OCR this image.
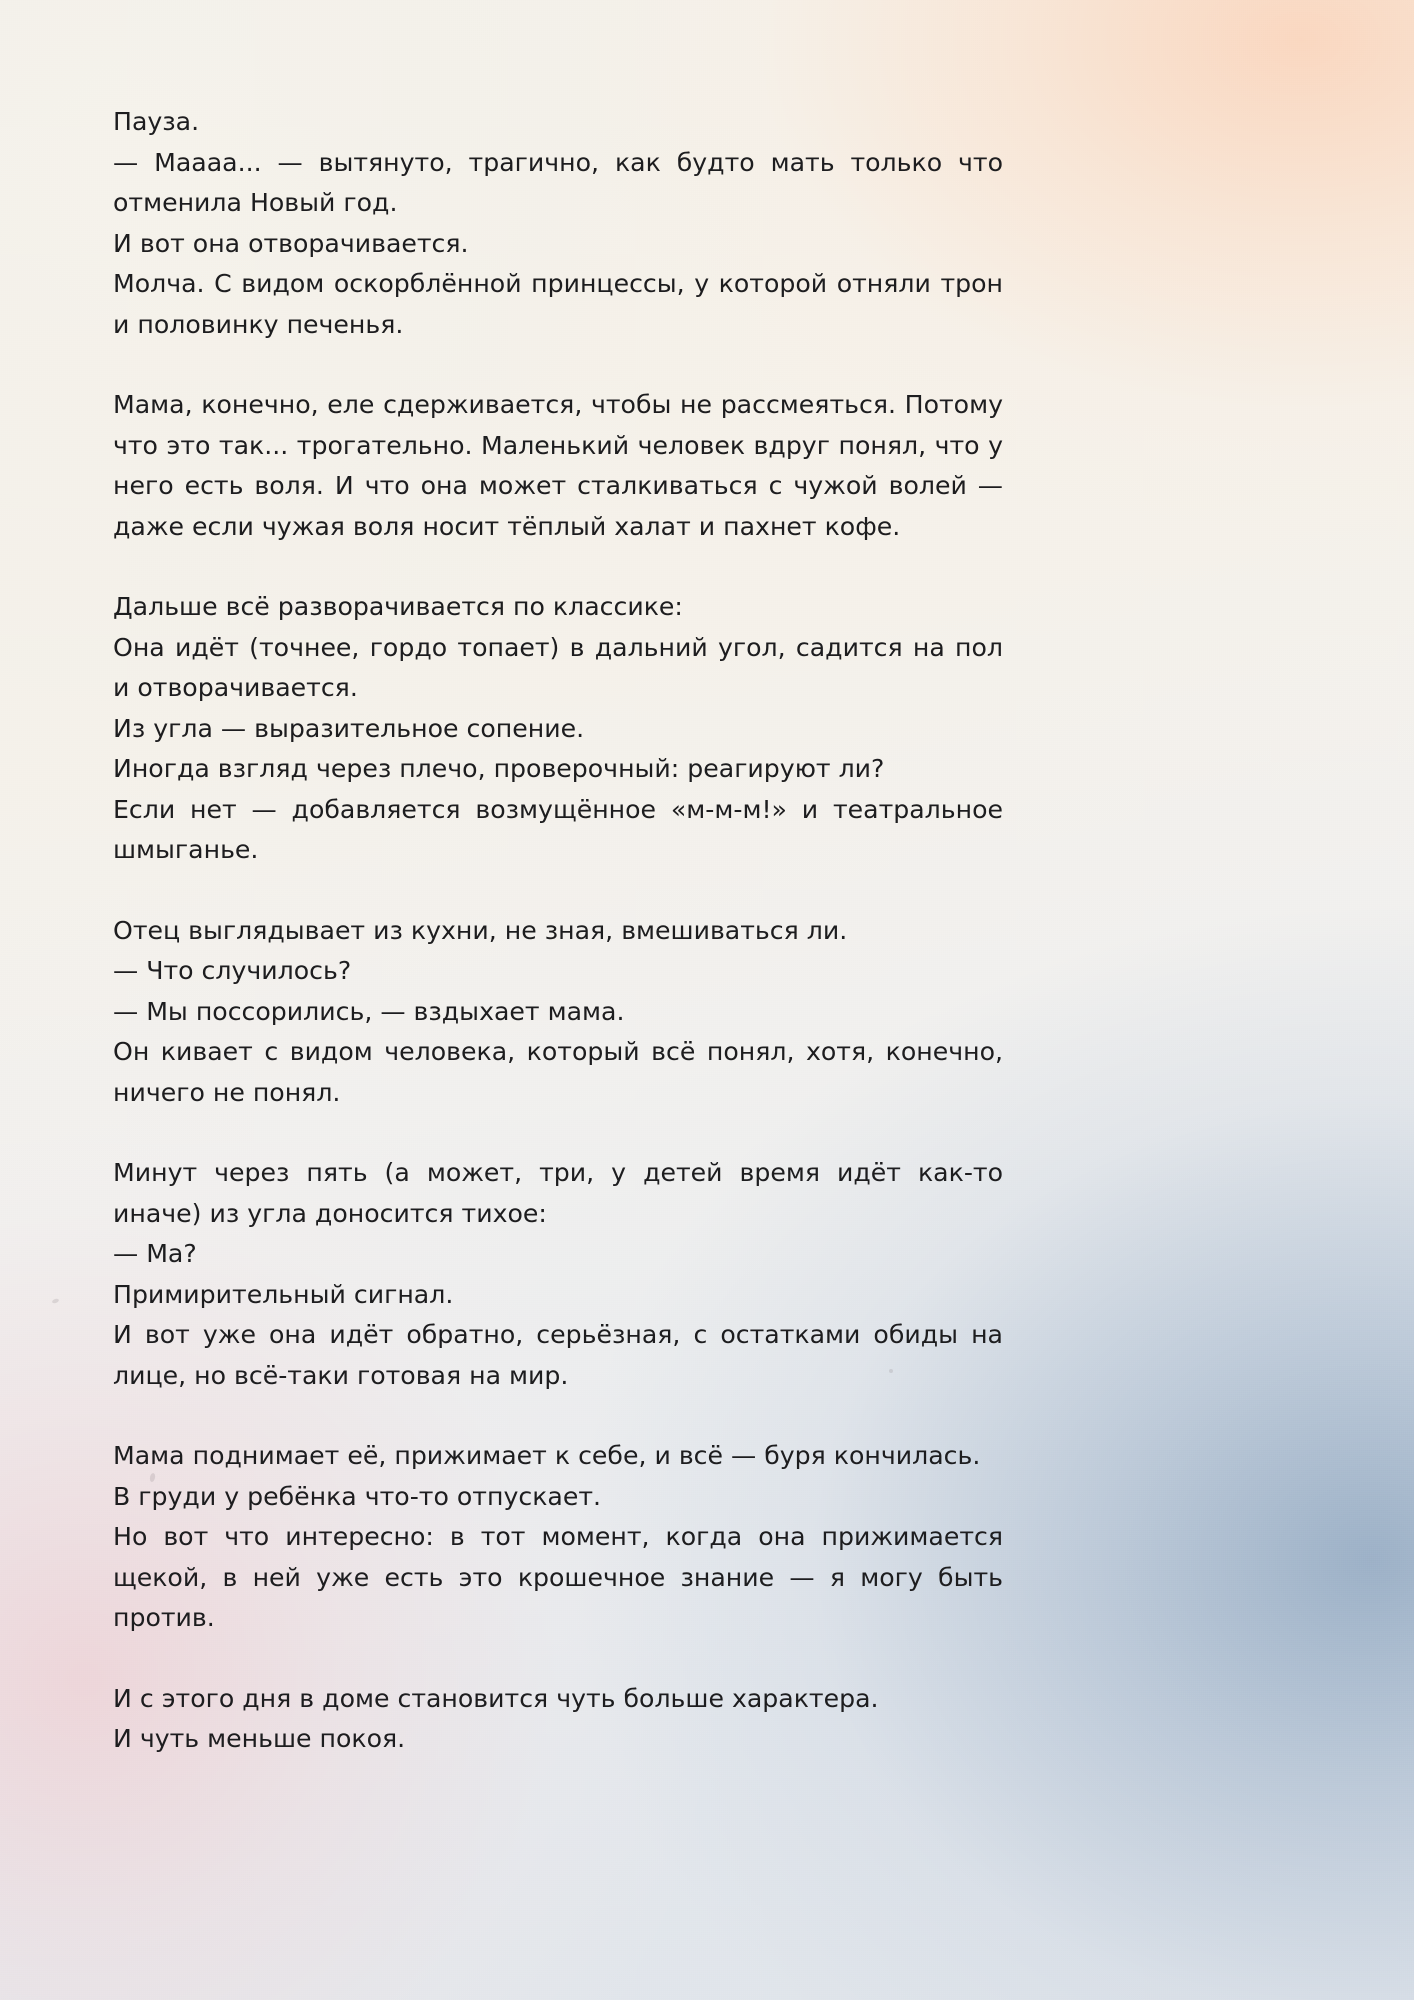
Пауза.
— Мааaa... — вытянуто, трагично, как будто мать только что отменила Новый год.
И вот она отворачивается.
Молча. С видом оскорблённой принцессы, у которой отняли трон и половинку печенья.
Мама, конечно, еле сдерживается, чтобы не рассмеяться. Потому что это так... трогательно. Маленький человек вдруг понял, что у него есть воля. И что она может сталкиваться с чужой волей — даже если чужая воля носит тёплый халат и пахнет кофе.
Дальше всё разворачивается по классике:
Она идёт (точнее, гордо топает) в дальний угол, садится на пол и отворачивается.
Из угла — выразительное сопение.
Иногда взгляд через плечо, проверочный: реагируют ли?
Если нет — добавляется возмущённое «м-м-м!» и театральное шмыганье.
Отец выглядывает из кухни, не зная, вмешиваться ли.
— Что случилось?
— Мы поссорились, — вздыхает мама.
Он кивает с видом человека, который всё понял, хотя, конечно, ничего не понял.
Минут через пять (а может, три, у детей время идёт как-то иначе) из угла доносится тихое:
— Ма?
Примирительный сигнал.
И вот уже она идёт обратно, серьёзная, с остатками обиды на лице, но всё-таки готовая на мир.
Мама поднимает её, прижимает к себе, и всё — буря кончилась.
В груди у ребёнка что-то отпускает.
Но вот что интересно: в тот момент, когда она прижимается щекой, в ней уже есть это крошечное знание — я могу быть против.
И с этого дня в доме становится чуть больше характера.
И чуть меньше покоя.
